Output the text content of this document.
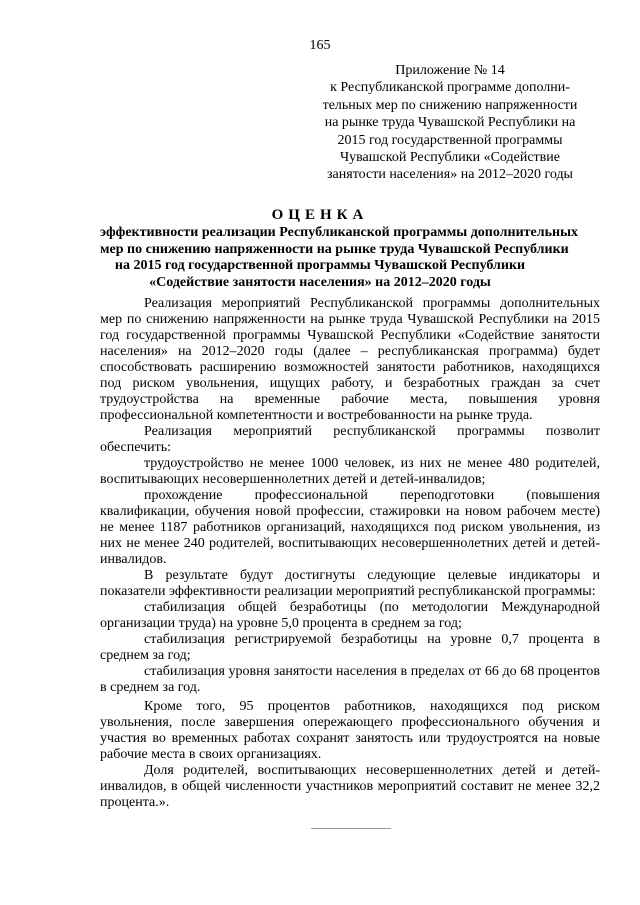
165
Приложение № 14
к Республиканской программе дополни-
тельных мер по снижению напряженности
на рынке труда Чувашской Республики на
2015 год государственной программы
Чувашской Республики «Содействие
занятости населения» на 2012–2020 годы
ОЦЕНКА
эффективности реализации Республиканской программы дополнительных
мер по снижению напряженности на рынке труда Чувашской Республики
на 2015 год государственной программы Чувашской Республики
«Содействие занятости населения» на 2012–2020 годы

Реализация мероприятий Республиканской программы дополнительных мер по снижению напряженности на рынке труда Чувашской Республики на 2015 год государственной программы Чувашской Республики «Содействие занятости населения» на 2012–2020 годы (далее – республиканская программа) будет способствовать расширению возможностей занятости работников, находящихся под риском увольнения, ищущих работу, и безработных граждан за счет трудоустройства на временные рабочие места, повышения уровня профессиональной компетентности и востребованности на рынке труда.

Реализация мероприятий республиканской программы позволит обеспечить:

трудоустройство не менее 1000 человек, из них не менее 480 родителей, воспитывающих несовершеннолетних детей и детей-инвалидов;

прохождение профессиональной переподготовки (повышения квалификации, обучения новой профессии, стажировки на новом рабочем месте) не менее 1187 работников организаций, находящихся под риском увольнения, из них не менее 240 родителей, воспитывающих несовершеннолетних детей и детей-инвалидов.

В результате будут достигнуты следующие целевые индикаторы и показатели эффективности реализации мероприятий республиканской программы:

стабилизация общей безработицы (по методологии Международной организации труда) на уровне 5,0 процента в среднем за год;

стабилизация регистрируемой безработицы на уровне 0,7 процента в среднем за год;

стабилизация уровня занятости населения в пределах от 66 до 68 процентов в среднем за год.

Кроме того, 95 процентов работников, находящихся под риском увольнения, после завершения опережающего профессионального обучения и участия во временных работах сохранят занятость или трудоустроятся на новые рабочие места в своих организациях.

Доля родителей, воспитывающих несовершеннолетних детей и детей-инвалидов, в общей численности участников мероприятий составит не менее 32,2 процента.».
